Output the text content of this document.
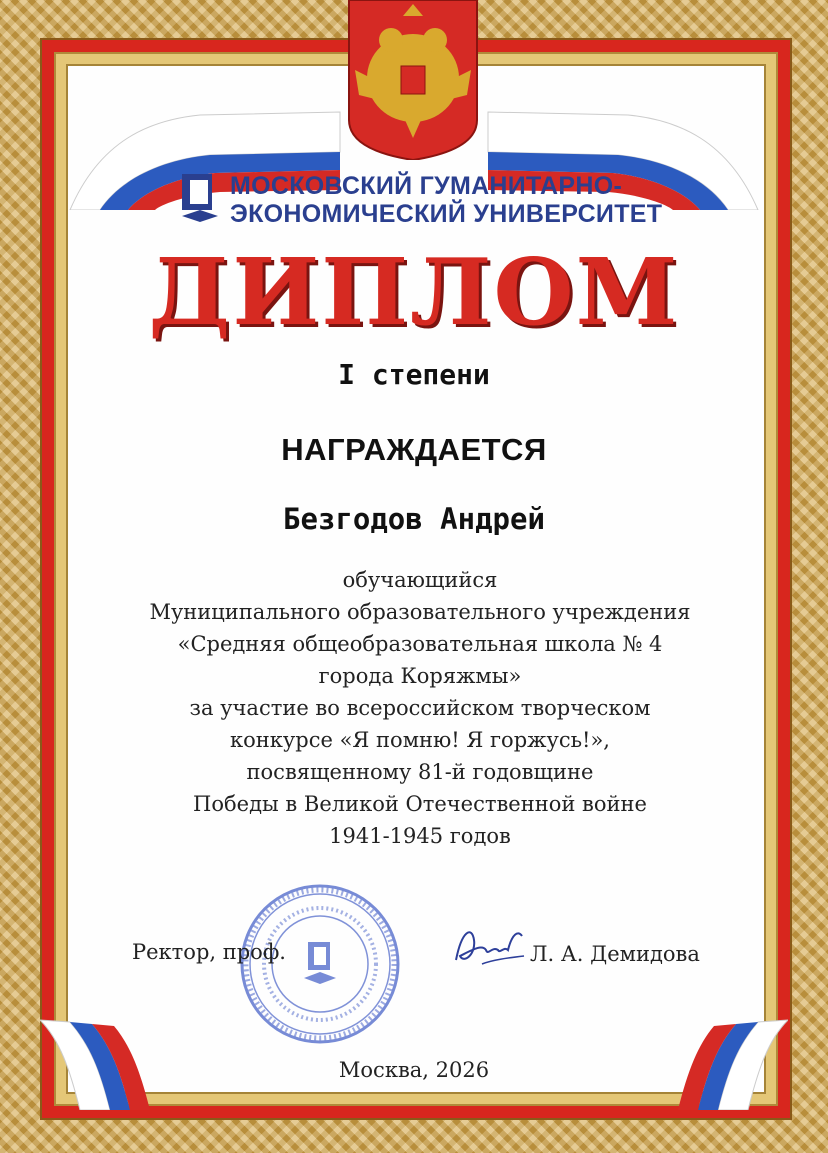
МОСКОВСКИЙ ГУМАНИТАРНО-
ЭКОНОМИЧЕСКИЙ УНИВЕРСИТЕТ
ДИПЛОМ
I степени
НАГРАЖДАЕТСЯ
Безгодов Андрей
обучающийся
Муниципального образовательного учреждения
«Средняя общеобразовательная школа № 4
города Коряжмы»
за участие во всероссийском творческом
конкурсе «Я помню! Я горжусь!»,
посвященному 81-й годовщине
Победы в Великой Отечественной войне
1941-1945 годов
Ректор, проф.	Л. А. Демидова
Москва, 2026
